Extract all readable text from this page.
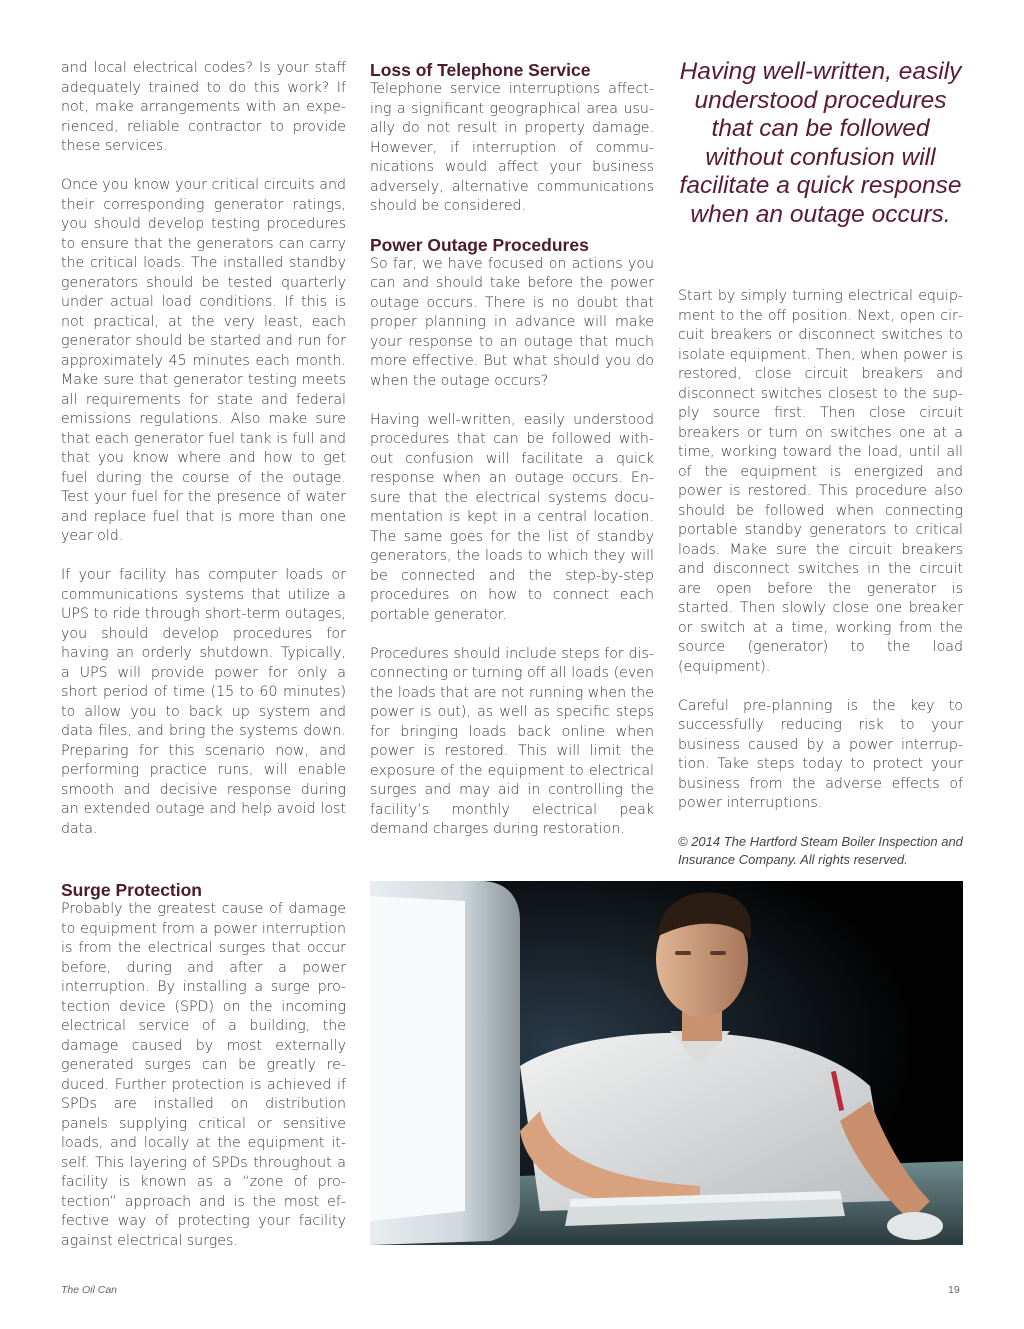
and local electrical codes? Is your staff adequately trained to do this work? If not, make arrangements with an experienced, reliable contractor to provide these services.

Once you know your critical circuits and their corresponding generator ratings, you should develop testing procedures to ensure that the generators can carry the critical loads. The installed standby generators should be tested quarterly under actual load conditions. If this is not practical, at the very least, each generator should be started and run for approximately 45 minutes each month. Make sure that generator testing meets all requirements for state and federal emissions regulations. Also make sure that each generator fuel tank is full and that you know where and how to get fuel during the course of the outage. Test your fuel for the presence of water and replace fuel that is more than one year old.

If your facility has computer loads or communications systems that utilize a UPS to ride through short-term outages, you should develop procedures for having an orderly shutdown. Typically, a UPS will provide power for only a short period of time (15 to 60 minutes) to allow you to back up system and data files, and bring the systems down. Preparing for this scenario now, and performing practice runs, will enable smooth and decisive response during an extended outage and help avoid lost data.

Surge Protection

Probably the greatest cause of damage to equipment from a power interruption is from the electrical surges that occur before, during and after a power interruption. By installing a surge protection device (SPD) on the incoming electrical service of a building, the damage caused by most externally generated surges can be greatly reduced. Further protection is achieved if SPDs are installed on distribution panels supplying critical or sensitive loads, and locally at the equipment itself. This layering of SPDs throughout a facility is known as a “zone of protection” approach and is the most effective way of protecting your facility against electrical surges.

Loss of Telephone Service

Telephone service interruptions affecting a significant geographical area usually do not result in property damage. However, if interruption of communications would affect your business adversely, alternative communications should be considered.

Power Outage Procedures

So far, we have focused on actions you can and should take before the power outage occurs. There is no doubt that proper planning in advance will make your response to an outage that much more effective. But what should you do when the outage occurs?

Having well-written, easily understood procedures that can be followed without confusion will facilitate a quick response when an outage occurs. Ensure that the electrical systems documentation is kept in a central location. The same goes for the list of standby generators, the loads to which they will be connected and the step-by-step procedures on how to connect each portable generator.

Procedures should include steps for disconnecting or turning off all loads (even the loads that are not running when the power is out), as well as specific steps for bringing loads back online when power is restored. This will limit the exposure of the equipment to electrical surges and may aid in controlling the facility’s monthly electrical peak demand charges during restoration.

Having well-written, easily understood procedures that can be followed without confusion will facilitate a quick response when an outage occurs.

Start by simply turning electrical equipment to the off position. Next, open circuit breakers or disconnect switches to isolate equipment. Then, when power is restored, close circuit breakers and disconnect switches closest to the supply source first. Then close circuit breakers or turn on switches one at a time, working toward the load, until all of the equipment is energized and power is restored. This procedure also should be followed when connecting portable standby generators to critical loads. Make sure the circuit breakers and disconnect switches in the circuit are open before the generator is started. Then slowly close one breaker or switch at a time, working from the source (generator) to the load (equipment).

Careful pre-planning is the key to successfully reducing risk to your business caused by a power interruption. Take steps today to protect your business from the adverse effects of power interruptions.

© 2014 The Hartford Steam Boiler Inspection and Insurance Company. All rights reserved.

The Oil Can	19
